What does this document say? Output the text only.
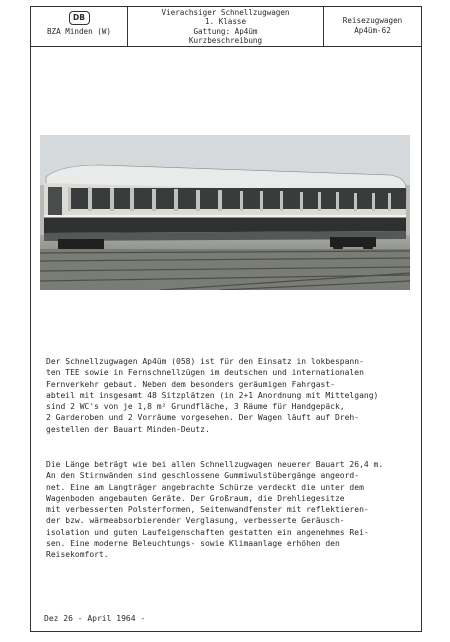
DB
BZA Minden (W)
Vierachsiger Schnellzugwagen
1. Klasse
Gattung: Ap4üm
Kurzbeschreibung
Reisezugwagen
Ap4üm-62
Der Schnellzugwagen Ap4üm (058) ist für den Einsatz in lokbespann-
ten TEE sowie in Fernschnellzügen im deutschen und internationalen
Fernverkehr gebaut. Neben dem besonders geräumigen Fahrgast-
abteil mit insgesamt 48 Sitzplätzen (in 2+1 Anordnung mit Mittelgang)
sind 2 WC's von je 1,8 m² Grundfläche, 3 Räume für Handgepäck,
2 Garderoben und 2 Vorräume vorgesehen. Der Wagen läuft auf Dreh-
gestellen der Bauart Minden-Deutz.
Die Länge beträgt wie bei allen Schnellzugwagen neuerer Bauart 26,4 m.
An den Stirnwänden sind geschlossene Gummiwulstübergänge angeord-
net. Eine am Langträger angebrachte Schürze verdeckt die unter dem
Wagenboden angebauten Geräte. Der Großraum, die Drehliegesitze
mit verbesserten Polsterformen, Seitenwandfenster mit reflektieren-
der bzw. wärmeabsorbierender Verglasung, verbesserte Geräusch-
isolation und guten Laufeigenschaften gestatten ein angenehmes Rei-
sen. Eine moderne Beleuchtungs- sowie Klimaanlage erhöhen den
Reisekomfort.
Dez 26 - April 1964 -
